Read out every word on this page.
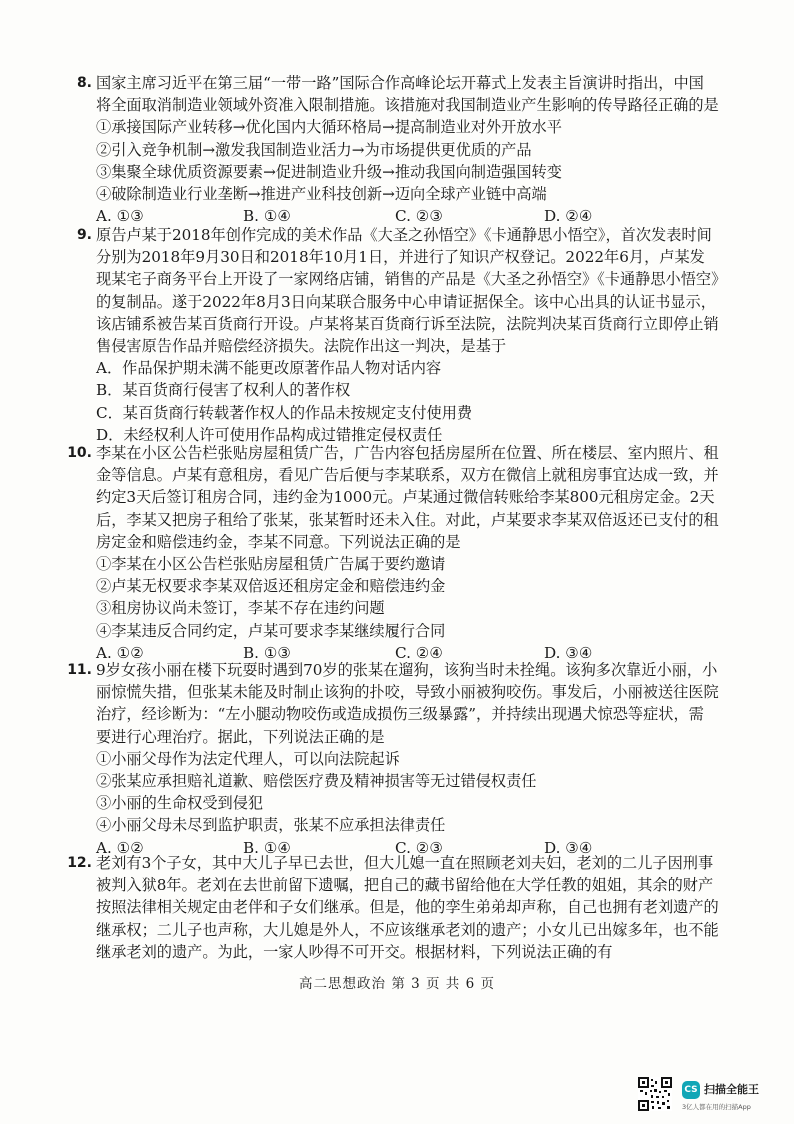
8. 国家主席习近平在第三届“一带一路”国际合作高峰论坛开幕式上发表主旨演讲时指出，中国
将全面取消制造业领域外资准入限制措施。该措施对我国制造业产生影响的传导路径正确的是
①承接国际产业转移→优化国内大循环格局→提高制造业对外开放水平
②引入竞争机制→激发我国制造业活力→为市场提供更优质的产品
③集聚全球优质资源要素→促进制造业升级→推动我国向制造强国转变
④破除制造业行业垄断→推进产业科技创新→迈向全球产业链中高端
A. ①③	B. ①④	C. ②③	D. ②④
9. 原告卢某于2018年创作完成的美术作品《大圣之孙悟空》《卡通静思小悟空》，首次发表时间
分别为2018年9月30日和2018年10月1日，并进行了知识产权登记。2022年6月，卢某发
现某宅子商务平台上开设了一家网络店铺，销售的产品是《大圣之孙悟空》《卡通静思小悟空》
的复制品。遂于2022年8月3日向某联合服务中心申请证据保全。该中心出具的认证书显示，
该店铺系被告某百货商行开设。卢某将某百货商行诉至法院，法院判决某百货商行立即停止销
售侵害原告作品并赔偿经济损失。法院作出这一判决，是基于
A．作品保护期未满不能更改原著作品人物对话内容
B．某百货商行侵害了权利人的著作权
C．某百货商行转载著作权人的作品未按规定支付使用费
D．未经权利人许可使用作品构成过错推定侵权责任
10. 李某在小区公告栏张贴房屋租赁广告，广告内容包括房屋所在位置、所在楼层、室内照片、租
金等信息。卢某有意租房，看见广告后便与李某联系，双方在微信上就租房事宜达成一致，并
约定3天后签订租房合同，违约金为1000元。卢某通过微信转账给李某800元租房定金。2天
后，李某又把房子租给了张某，张某暂时还未入住。对此，卢某要求李某双倍返还已支付的租
房定金和赔偿违约金，李某不同意。下列说法正确的是
①李某在小区公告栏张贴房屋租赁广告属于要约邀请
②卢某无权要求李某双倍返还租房定金和赔偿违约金
③租房协议尚未签订，李某不存在违约问题
④李某违反合同约定，卢某可要求李某继续履行合同
A. ①②	B. ①③	C. ②④	D. ③④
11. 9岁女孩小丽在楼下玩耍时遇到70岁的张某在遛狗，该狗当时未拴绳。该狗多次靠近小丽，小
丽惊慌失措，但张某未能及时制止该狗的扑咬，导致小丽被狗咬伤。事发后，小丽被送往医院
治疗，经诊断为：“左小腿动物咬伤或造成损伤三级暴露”，并持续出现遇犬惊恐等症状，需
要进行心理治疗。据此，下列说法正确的是
①小丽父母作为法定代理人，可以向法院起诉
②张某应承担赔礼道歉、赔偿医疗费及精神损害等无过错侵权责任
③小丽的生命权受到侵犯
④小丽父母未尽到监护职责，张某不应承担法律责任
A. ①②	B. ①④	C. ②③	D. ③④
12. 老刘有3个子女，其中大儿子早已去世，但大儿媳一直在照顾老刘夫妇，老刘的二儿子因刑事
被判入狱8年。老刘在去世前留下遗嘱，把自己的藏书留给他在大学任教的姐姐，其余的财产
按照法律相关规定由老伴和子女们继承。但是，他的孪生弟弟却声称，自己也拥有老刘遗产的
继承权；二儿子也声称，大儿媳是外人，不应该继承老刘的遗产；小女儿已出嫁多年，也不能
继承老刘的遗产。为此，一家人吵得不可开交。根据材料，下列说法正确的有
高二思想政治 第 3 页 共 6 页
CS 扫描全能王
3亿人都在用的扫描App
